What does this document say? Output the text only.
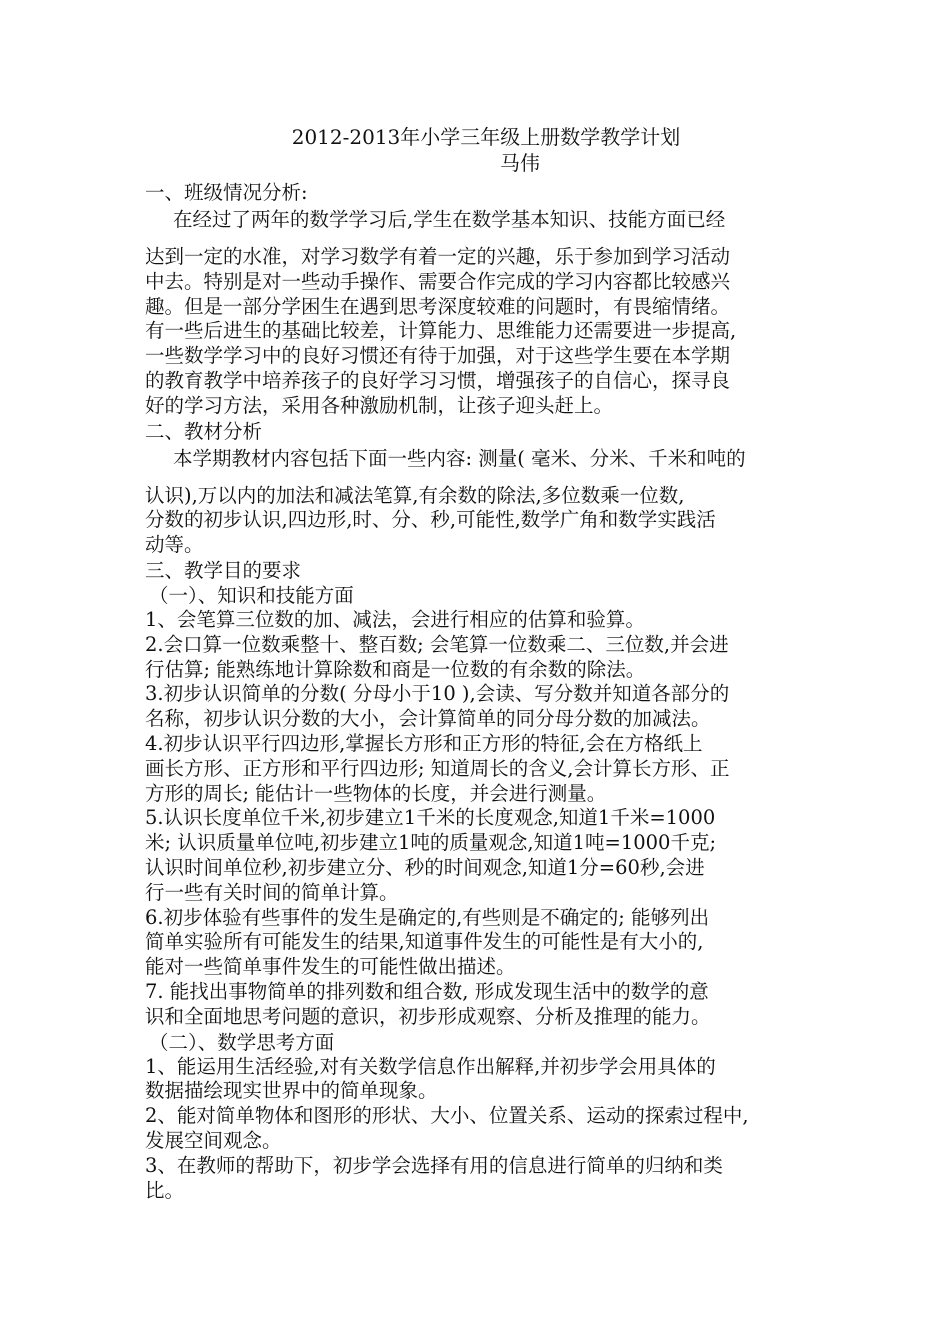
2012-2013年小学三年级上册数学教学计划
马伟
一、班级情况分析:
在经过了两年的数学学习后,学生在数学基本知识、技能方面已经
达到一定的水准，对学习数学有着一定的兴趣，乐于参加到学习活动
中去。特别是对一些动手操作、需要合作完成的学习内容都比较感兴
趣。但是一部分学困生在遇到思考深度较难的问题时，有畏缩情绪。
有一些后进生的基础比较差，计算能力、思维能力还需要进一步提高,
一些数学学习中的良好习惯还有待于加强，对于这些学生要在本学期
的教育教学中培养孩子的良好学习习惯，增强孩子的自信心，探寻良
好的学习方法，采用各种激励机制，让孩子迎头赶上。
二、教材分析
本学期教材内容包括下面一些内容: 测量( 毫米、分米、千米和吨的
认识),万以内的加法和减法笔算,有余数的除法,多位数乘一位数,
分数的初步认识,四边形,时、分、秒,可能性,数学广角和数学实践活
动等。
三、教学目的要求
（一）、知识和技能方面
1、会笔算三位数的加、减法，会进行相应的估算和验算。
2.会口算一位数乘整十、整百数; 会笔算一位数乘二、三位数,并会进
行估算; 能熟练地计算除数和商是一位数的有余数的除法。
3.初步认识简单的分数( 分母小于10 ),会读、写分数并知道各部分的
名称，初步认识分数的大小，会计算简单的同分母分数的加减法。
4.初步认识平行四边形,掌握长方形和正方形的特征,会在方格纸上
画长方形、正方形和平行四边形; 知道周长的含义,会计算长方形、正
方形的周长; 能估计一些物体的长度，并会进行测量。
5.认识长度单位千米,初步建立1千米的长度观念,知道1千米=1000
米; 认识质量单位吨,初步建立1吨的质量观念,知道1吨=1000千克;
认识时间单位秒,初步建立分、秒的时间观念,知道1分=60秒,会进
行一些有关时间的简单计算。
6.初步体验有些事件的发生是确定的,有些则是不确定的; 能够列出
简单实验所有可能发生的结果,知道事件发生的可能性是有大小的,
能对一些简单事件发生的可能性做出描述。
7. 能找出事物简单的排列数和组合数, 形成发现生活中的数学的意
识和全面地思考问题的意识，初步形成观察、分析及推理的能力。
（二）、数学思考方面
1、能运用生活经验,对有关数学信息作出解释,并初步学会用具体的
数据描绘现实世界中的简单现象。
2、能对简单物体和图形的形状、大小、位置关系、运动的探索过程中,
发展空间观念。
3、在教师的帮助下，初步学会选择有用的信息进行简单的归纳和类
比。
